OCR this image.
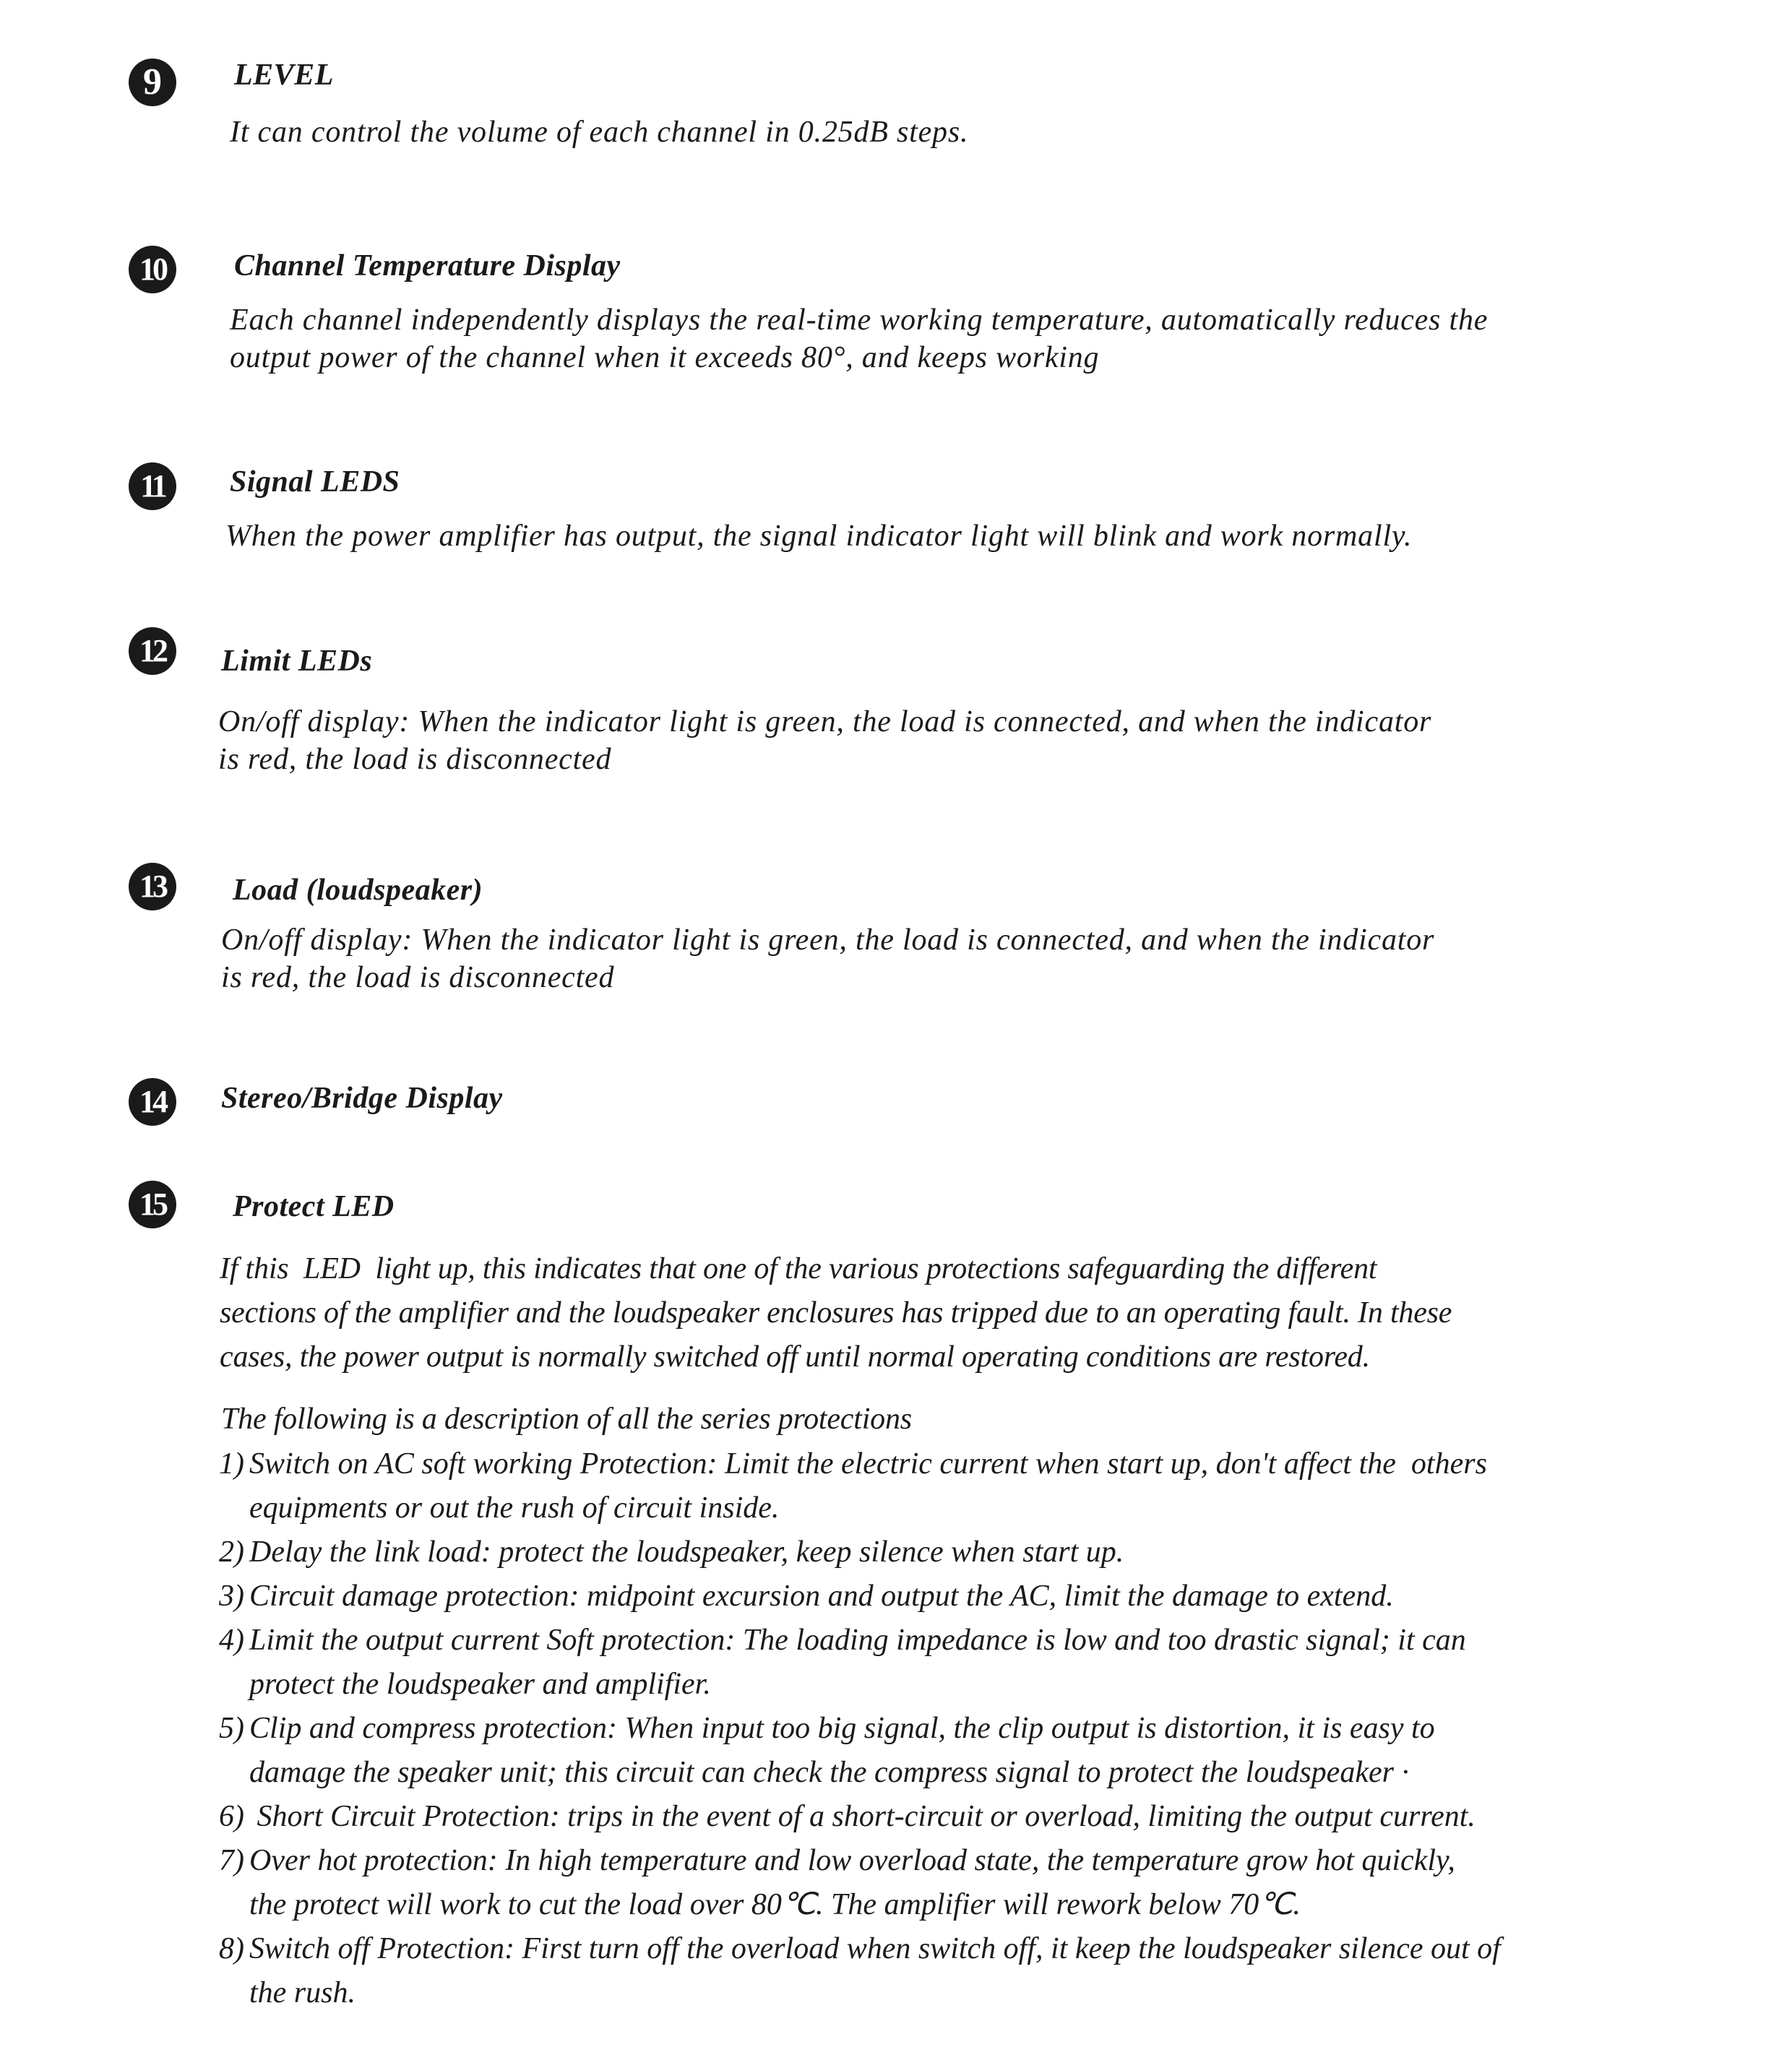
9	LEVEL
It can control the volume of each channel in 0.25dB steps.
10	Channel Temperature Display
Each channel independently displays the real-time working temperature, automatically reduces the
output power of the channel when it exceeds 80°, and keeps working
11	Signal LEDS
When the power amplifier has output, the signal indicator light will blink and work normally.
12	Limit LEDs
On/off display: When the indicator light is green, the load is connected, and when the indicator
is red, the load is disconnected
13	Load (loudspeaker)
On/off display: When the indicator light is green, the load is connected, and when the indicator
is red, the load is disconnected
14	Stereo/Bridge Display
15	Protect LED
If this  LED  light up, this indicates that one of the various protections safeguarding the different
sections of the amplifier and the loudspeaker enclosures has tripped due to an operating fault. In these
cases, the power output is normally switched off until normal operating conditions are restored.
The following is a description of all the series protections
1) Switch on AC soft working Protection: Limit the electric current when start up, don't affect the  others
equipments or out the rush of circuit inside.
2) Delay the link load: protect the loudspeaker, keep silence when start up.
3) Circuit damage protection: midpoint excursion and output the AC, limit the damage to extend.
4) Limit the output current Soft protection: The loading impedance is low and too drastic signal; it can
protect the loudspeaker and amplifier.
5) Clip and compress protection: When input too big signal, the clip output is distortion, it is easy to
damage the speaker unit; this circuit can check the compress signal to protect the loudspeaker ·
6) Short Circuit Protection: trips in the event of a short-circuit or overload, limiting the output current.
7) Over hot protection: In high temperature and low overload state, the temperature grow hot quickly,
the protect will work to cut the load over 80℃. The amplifier will rework below 70℃.
8) Switch off Protection: First turn off the overload when switch off, it keep the loudspeaker silence out of
the rush.
